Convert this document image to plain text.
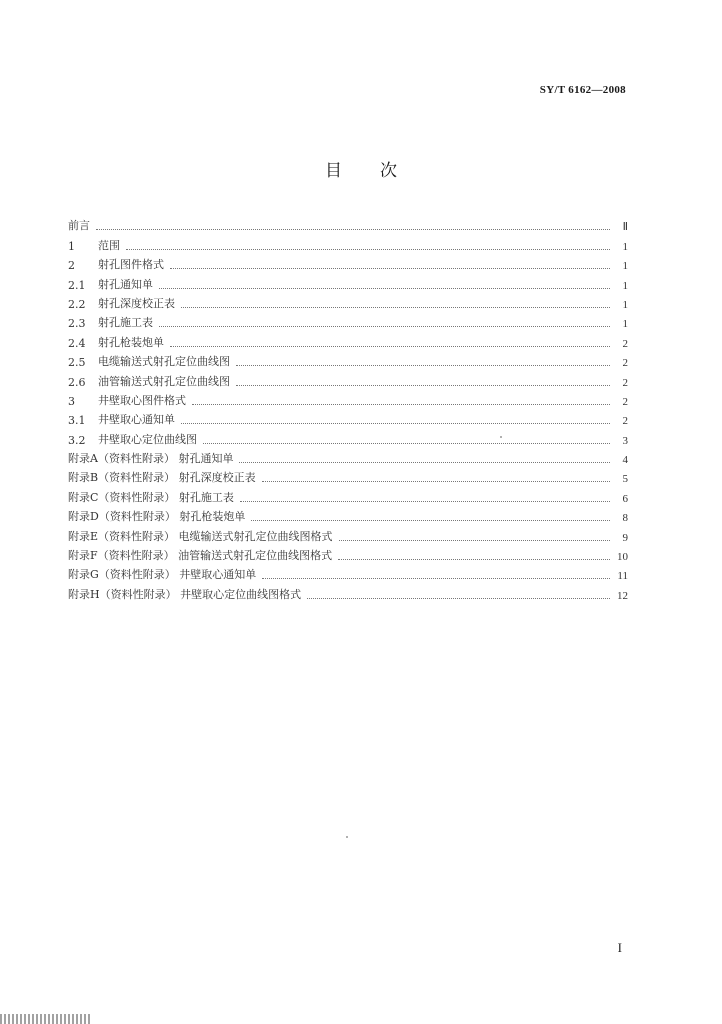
SY/T 6162—2008
目次
前言	Ⅱ
1	范围	1
2	射孔图件格式	1
2.1	射孔通知单	1
2.2	射孔深度校正表	1
2.3	射孔施工表	1
2.4	射孔枪装炮单	2
2.5	电缆输送式射孔定位曲线图	2
2.6	油管输送式射孔定位曲线图	2
3	井壁取心图件格式	2
3.1	井壁取心通知单	2
3.2	井壁取心定位曲线图	3
附录A（资料性附录） 射孔通知单	4
附录B（资料性附录） 射孔深度校正表	5
附录C（资料性附录） 射孔施工表	6
附录D（资料性附录） 射孔枪装炮单	8
附录E（资料性附录） 电缆输送式射孔定位曲线图格式	9
附录F（资料性附录） 油管输送式射孔定位曲线图格式	10
附录G（资料性附录） 井壁取心通知单	11
附录H（资料性附录） 井壁取心定位曲线图格式	12
I
